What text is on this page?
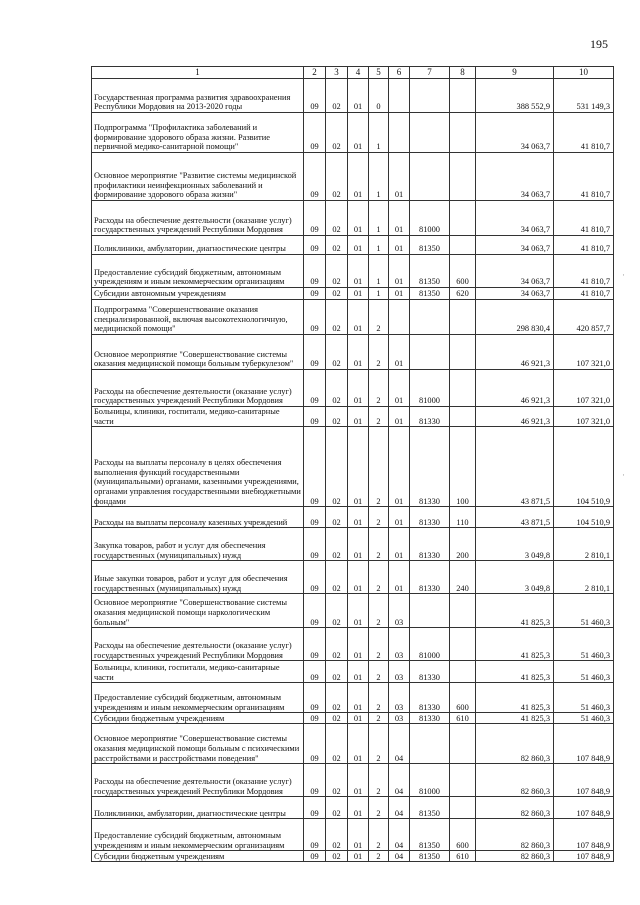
195
1	2	3	4	5	6	7	8	9	10
Государственная программа развития здравоохранения Республики Мордовия на 2013-2020 годы	09	02	01	0				388 552,9	531 149,3
Подпрограмма "Профилактика заболеваний и формирование здорового образа жизни. Развитие первичной медико-санитарной помощи"	09	02	01	1				34 063,7	41 810,7
Основное мероприятие "Развитие системы медицинской профилактики неинфекционных заболеваний и формирование здорового образа жизни"	09	02	01	1	01			34 063,7	41 810,7
Расходы на обеспечение деятельности (оказание услуг) государственных учреждений Республики Мордовия	09	02	01	1	01	81000		34 063,7	41 810,7
Поликлиники, амбулатории, диагностические центры	09	02	01	1	01	81350		34 063,7	41 810,7
Предоставление субсидий бюджетным, автономным учреждениям и иным некоммерческим организациям	09	02	01	1	01	81350	600	34 063,7	41 810,7
Субсидии автономным учреждениям	09	02	01	1	01	81350	620	34 063,7	41 810,7
Подпрограмма "Совершенствование оказания специализированной, включая высокотехнологичную, медицинской помощи"	09	02	01	2				298 830,4	420 857,7
Основное мероприятие "Совершенствование системы оказания медицинской помощи больным туберкулезом"	09	02	01	2	01			46 921,3	107 321,0
Расходы на обеспечение деятельности (оказание услуг) государственных учреждений Республики Мордовия	09	02	01	2	01	81000		46 921,3	107 321,0
Больницы, клиники, госпитали, медико-санитарные части	09	02	01	2	01	81330		46 921,3	107 321,0
Расходы на выплаты персоналу в целях обеспечения выполнения функций государственными (муниципальными) органами, казенными учреждениями, органами управления государственными внебюджетными фондами	09	02	01	2	01	81330	100	43 871,5	104 510,9
Расходы на выплаты персоналу казенных учреждений	09	02	01	2	01	81330	110	43 871,5	104 510,9
Закупка товаров, работ и услуг для обеспечения государственных (муниципальных) нужд	09	02	01	2	01	81330	200	3 049,8	2 810,1
Иные закупки товаров, работ и услуг для обеспечения государственных (муниципальных) нужд	09	02	01	2	01	81330	240	3 049,8	2 810,1
Основное мероприятие "Совершенствование системы оказания медицинской помощи наркологическим больным"	09	02	01	2	03			41 825,3	51 460,3
Расходы на обеспечение деятельности (оказание услуг) государственных учреждений Республики Мордовия	09	02	01	2	03	81000		41 825,3	51 460,3
Больницы, клиники, госпитали, медико-санитарные части	09	02	01	2	03	81330		41 825,3	51 460,3
Предоставление субсидий бюджетным, автономным учреждениям и иным некоммерческим организациям	09	02	01	2	03	81330	600	41 825,3	51 460,3
Субсидии бюджетным учреждениям	09	02	01	2	03	81330	610	41 825,3	51 460,3
Основное мероприятие "Совершенствование системы оказания медицинской помощи больным с психическими расстройствами и расстройствами поведения"	09	02	01	2	04			82 860,3	107 848,9
Расходы на обеспечение деятельности (оказание услуг) государственных учреждений Республики Мордовия	09	02	01	2	04	81000		82 860,3	107 848,9
Поликлиники, амбулатории, диагностические центры	09	02	01	2	04	81350		82 860,3	107 848,9
Предоставление субсидий бюджетным, автономным учреждениям и иным некоммерческим организациям	09	02	01	2	04	81350	600	82 860,3	107 848,9
Субсидии бюджетным учреждениям	09	02	01	2	04	81350	610	82 860,3	107 848,9
·
·
